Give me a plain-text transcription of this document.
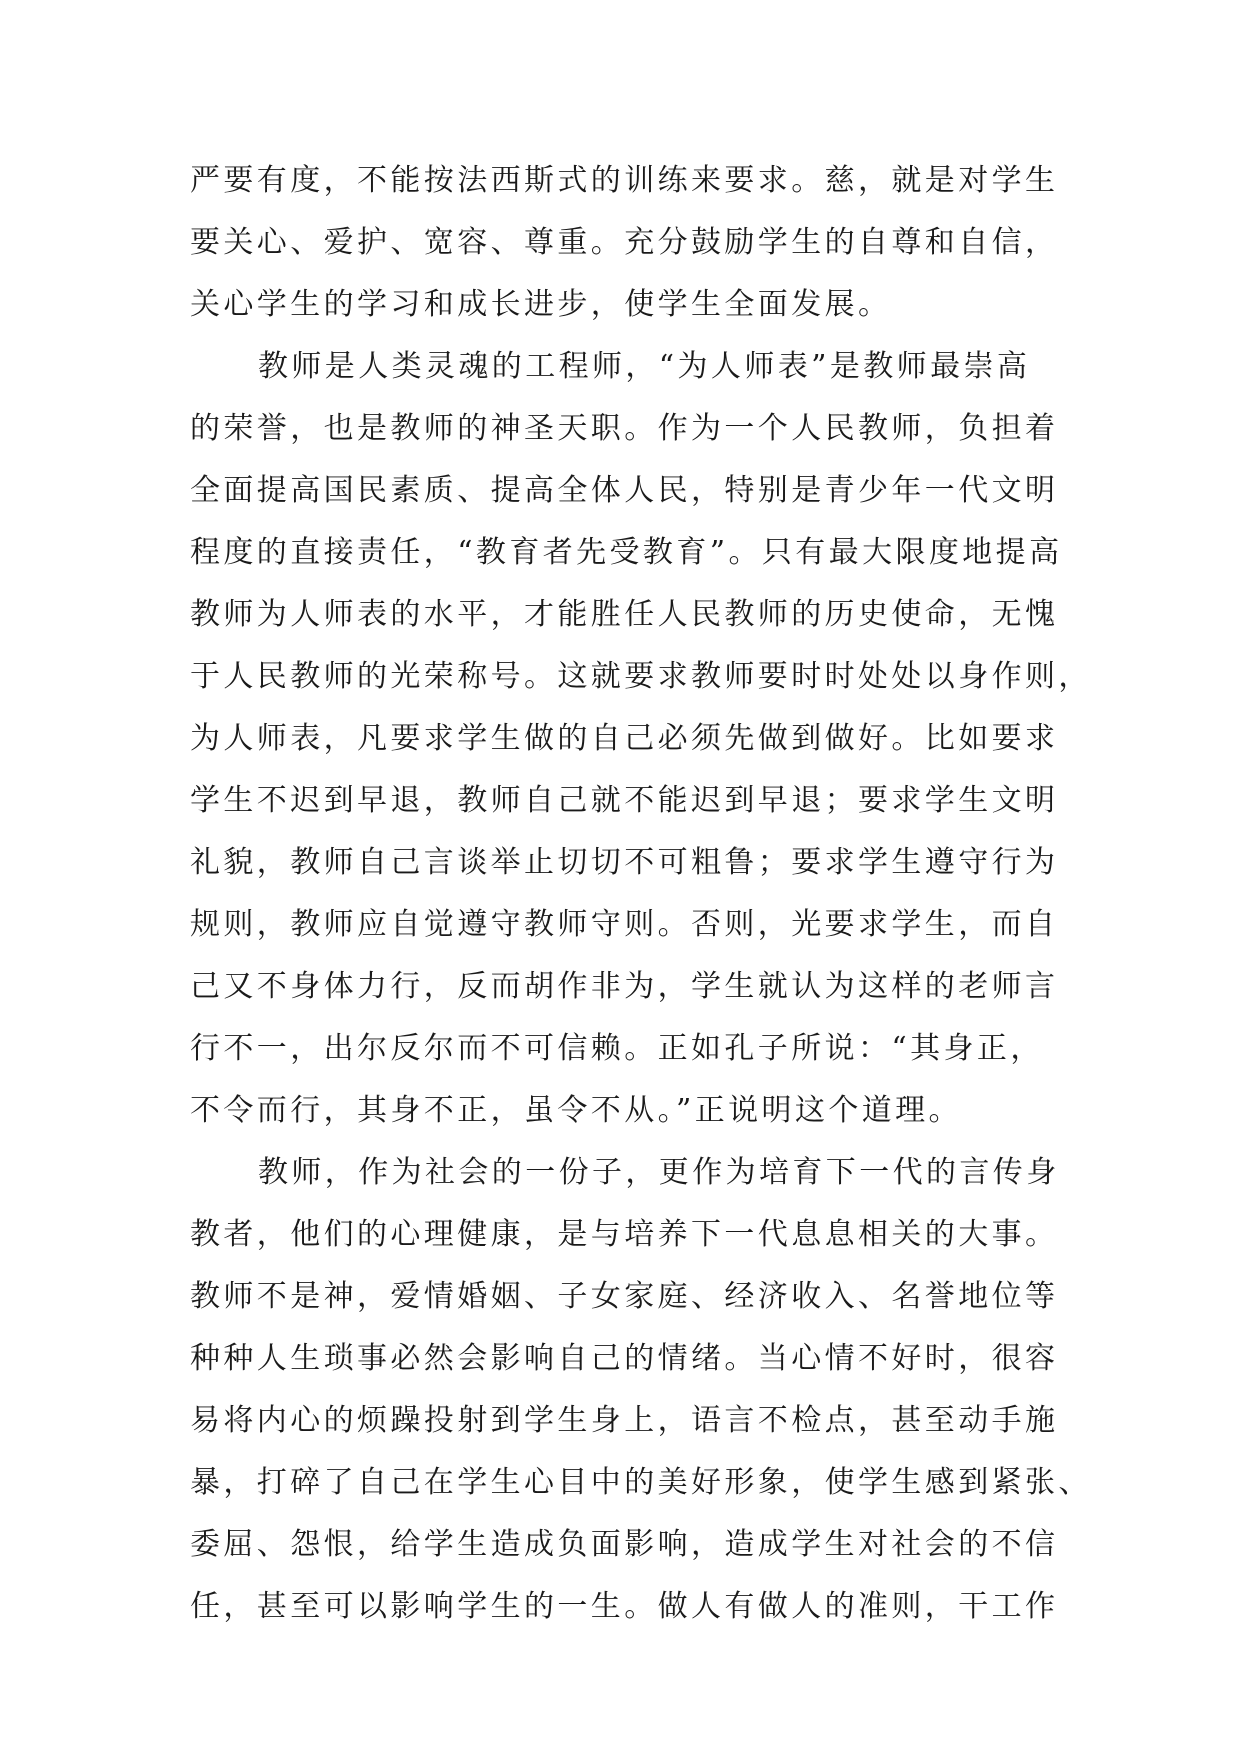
严要有度，不能按法西斯式的训练来要求。慈，就是对学生
要关心、爱护、宽容、尊重。充分鼓励学生的自尊和自信，
关心学生的学习和成长进步，使学生全面发展。
教师是人类灵魂的工程师，“为人师表”是教师最崇高
的荣誉，也是教师的神圣天职。作为一个人民教师，负担着
全面提高国民素质、提高全体人民，特别是青少年一代文明
程度的直接责任，“教育者先受教育”。只有最大限度地提高
教师为人师表的水平，才能胜任人民教师的历史使命，无愧
于人民教师的光荣称号。这就要求教师要时时处处以身作则，
为人师表，凡要求学生做的自己必须先做到做好。比如要求
学生不迟到早退，教师自己就不能迟到早退；要求学生文明
礼貌，教师自己言谈举止切切不可粗鲁；要求学生遵守行为
规则，教师应自觉遵守教师守则。否则，光要求学生，而自
己又不身体力行，反而胡作非为，学生就认为这样的老师言
行不一，出尔反尔而不可信赖。正如孔子所说：“其身正，
不令而行，其身不正，虽令不从。”正说明这个道理。
教师，作为社会的一份子，更作为培育下一代的言传身
教者，他们的心理健康，是与培养下一代息息相关的大事。
教师不是神，爱情婚姻、子女家庭、经济收入、名誉地位等
种种人生琐事必然会影响自己的情绪。当心情不好时，很容
易将内心的烦躁投射到学生身上，语言不检点，甚至动手施
暴，打碎了自己在学生心目中的美好形象，使学生感到紧张、
委屈、怨恨，给学生造成负面影响，造成学生对社会的不信
任，甚至可以影响学生的一生。做人有做人的准则，干工作
